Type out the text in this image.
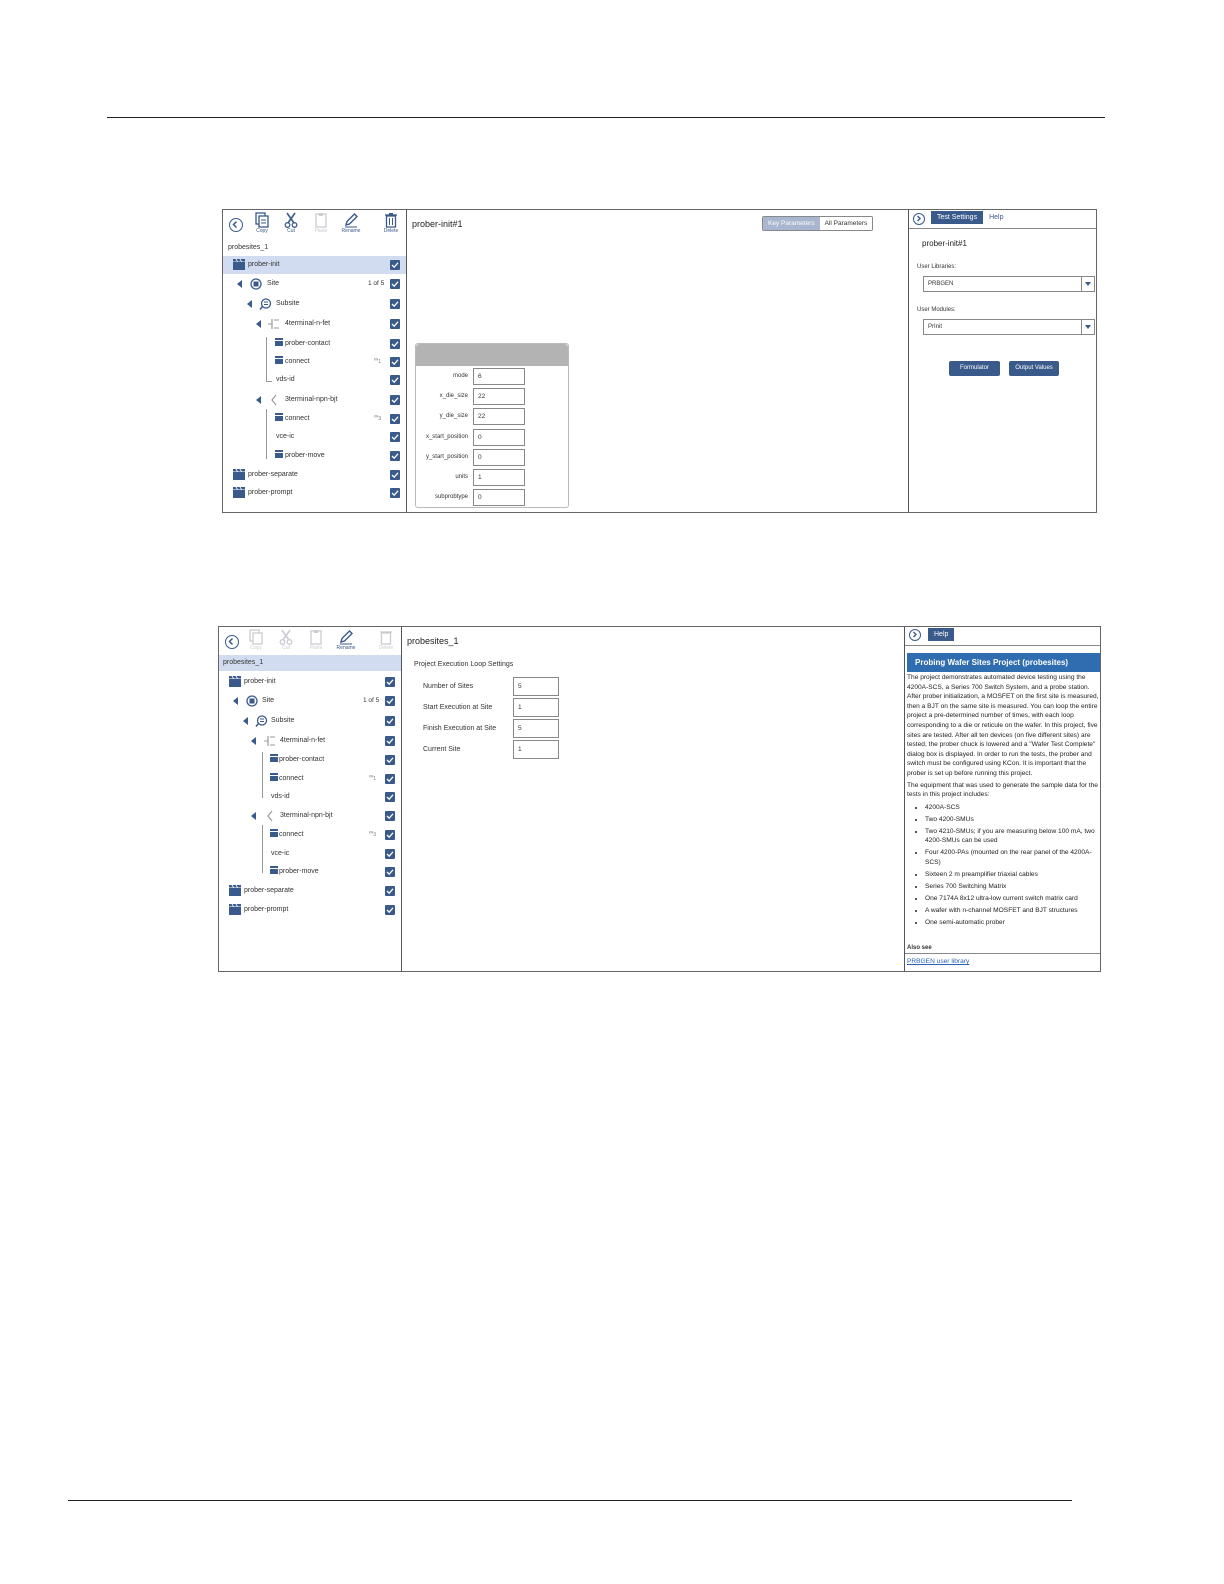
Copy	Cut	Paste	Rename	Delete
probesites_1
prober-init
Site	1 of 5
Subsite
4terminal-n-fet
prober-contact
connect	$\infty_1$
vds-id
3terminal-npn-bjt
connect	$\infty_3$
vce-ic
prober-move
prober-separate
prober-prompt
prober-init#1	Key Parameters	All Parameters
mode	6
x_die_size	22
y_die_size	22
x_start_position	0
y_start_position	0
units	1
subprobtype	0
Test Settings	Help
prober-init#1
User Libraries:
PRBGEN
User Modules:
PrInit
Formulator	Output Values
Copy	Cut	Paste	Rename	Delete
probesites_1
prober-init
Site	1 of 5
Subsite
4terminal-n-fet
prober-contact
connect	$\infty_1$
vds-id
3terminal-npn-bjt
connect	$\infty_3$
vce-ic
prober-move
prober-separate
prober-prompt
probesites_1
Project Execution Loop Settings
Number of Sites	5
Start Execution at Site	1
Finish Execution at Site	5
Current Site	1
Help
Probing Wafer Sites Project (probesites)

The project demonstrates automated device testing using the 4200A-SCS, a Series 700 Switch System, and a probe station. After prober initialization, a MOSFET on the first site is measured, then a BJT on the same site is measured. You can loop the entire project a pre-determined number of times, with each loop corresponding to a die or reticule on the wafer. In this project, five sites are tested. After all ten devices (on five different sites) are tested, the prober chuck is lowered and a "Wafer Test Complete" dialog box is displayed. In order to run the tests, the prober and switch must be configured using KCon. It is important that the prober is set up before running this project.

The equipment that was used to generate the sample data for the tests in this project includes:

• 4200A-SCS
• Two 4200-SMUs
• Two 4210-SMUs; if you are measuring below 100 mA, two 4200-SMUs can be used
• Four 4200-PAs (mounted on the rear panel of the 4200A-SCS)
• Sixteen 2 m preamplifier triaxial cables
• Series 700 Switching Matrix
• One 7174A 8x12 ultra-low current switch matrix card
• A wafer with n-channel MOSFET and BJT structures
• One semi-automatic prober
Also see
PRBGEN user library
